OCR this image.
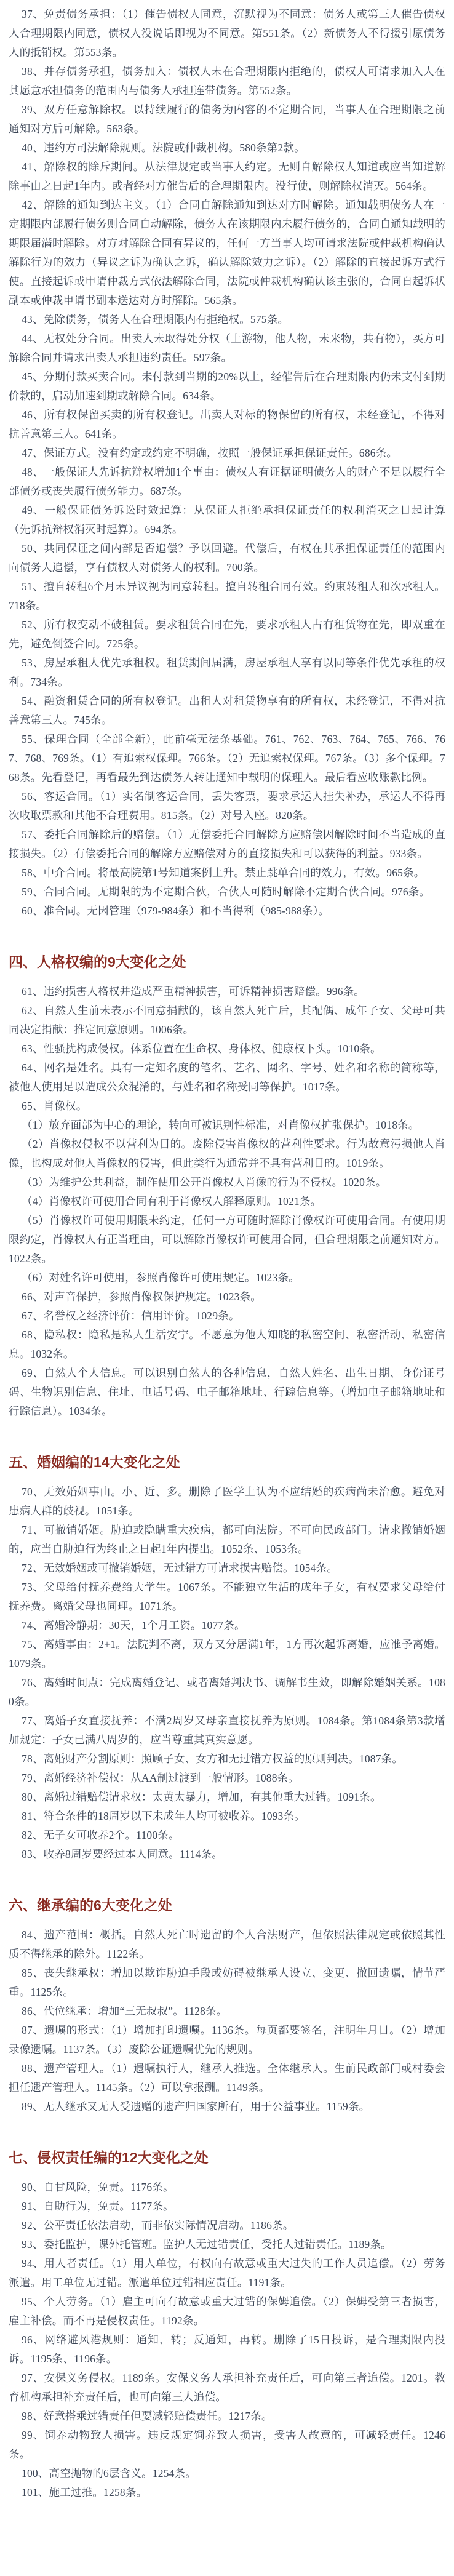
37、免责债务承担：（1）催告债权人同意，沉默视为不同意：债务人或第三人催告债权人合理期限内同意，债权人没说话即视为不同意。第551条。（2）新债务人不得援引原债务人的抵销权。第553条。

38、并存债务承担，债务加入：债权人未在合理期限内拒绝的，债权人可请求加入人在其愿意承担债务的范围内与债务人承担连带债务。第552条。

39、双方任意解除权。以持续履行的债务为内容的不定期合同，当事人在合理期限之前通知对方后可解除。563条。

40、违约方司法解除规则。法院或仲裁机构。580条第2款。

41、解除权的除斥期间。从法律规定或当事人约定。无则自解除权人知道或应当知道解除事由之日起1年内。或者经对方催告后的合理期限内。没行使，则解除权消灭。564条。

42、解除的通知到达主义。（1）合同自解除通知到达对方时解除。通知载明债务人在一定期限内部履行债务则合同自动解除，债务人在该期限内未履行债务的，合同自通知载明的期限届满时解除。对方对解除合同有异议的，任何一方当事人均可请求法院或仲裁机构确认解除行为的效力（异议之诉为确认之诉，确认解除效力之诉）。（2）解除的直接起诉方式行使。直接起诉或申请仲裁方式依法解除合同，法院或仲裁机构确认该主张的，合同自起诉状副本或仲裁申请书副本送达对方时解除。565条。

43、免除债务，债务人在合理期限内有拒绝权。575条。

44、无权处分合同。出卖人未取得处分权（上游物，他人物，未来物，共有物），买方可解除合同并请求出卖人承担违约责任。597条。

45、分期付款买卖合同。未付款到当期的20%以上，经催告后在合理期限内仍未支付到期价款的，启动加速到期或解除合同。634条。

46、所有权保留买卖的所有权登记。出卖人对标的物保留的所有权，未经登记，不得对抗善意第三人。641条。

47、保证方式。没有约定或约定不明确，按照一般保证承担保证责任。686条。

48、一般保证人先诉抗辩权增加1个事由：债权人有证据证明债务人的财产不足以履行全部债务或丧失履行债务能力。687条。

49、一般保证债务诉讼时效起算：从保证人拒绝承担保证责任的权利消灭之日起计算（先诉抗辩权消灭时起算）。694条。

50、共同保证之间内部是否追偿？予以回避。代偿后，有权在其承担保证责任的范围内向债务人追偿，享有债权人对债务人的权利。700条。

51、擅自转租6个月未异议视为同意转租。擅自转租合同有效。约束转租人和次承租人。718条。

52、所有权变动不破租赁。要求租赁合同在先，要求承租人占有租赁物在先，即双重在先，避免倒签合同。725条。

53、房屋承租人优先承租权。租赁期间届满，房屋承租人享有以同等条件优先承租的权利。734条。

54、融资租赁合同的所有权登记。出租人对租赁物享有的所有权，未经登记，不得对抗善意第三人。745条。

55、保理合同（全部全新），此前毫无法条基础。761、762、763、764、765、766、767、768、769条。（1）有追索权保理。766条。（2）无追索权保理。767条。（3）多个保理。768条。先看登记，再看最先到达债务人转让通知中载明的保理人。最后看应收账款比例。

56、客运合同。（1）实名制客运合同，丢失客票，要求承运人挂失补办，承运人不得再次收取票款和其他不合理费用。815条。（2）对号入座。820条。

57、委托合同解除后的赔偿。（1）无偿委托合同解除方应赔偿因解除时间不当造成的直接损失。（2）有偿委托合同的解除方应赔偿对方的直接损失和可以获得的利益。933条。

58、中介合同。将最高院第1号知道案例上升。禁止跳单合同的效力，有效。965条。

59、合同合同。无期限的为不定期合伙，合伙人可随时解除不定期合伙合同。976条。

60、准合同。无因管理（979-984条）和不当得利（985-988条）。

四、人格权编的9大变化之处

61、违约损害人格权并造成严重精神损害，可诉精神损害赔偿。996条。

62、自然人生前未表示不同意捐献的，该自然人死亡后，其配偶、成年子女、父母可共同决定捐献：推定同意原则。1006条。

63、性骚扰构成侵权。体系位置在生命权、身体权、健康权下头。1010条。

64、网名是姓名。具有一定知名度的笔名、艺名、网名、字号、姓名和名称的简称等，被他人使用足以造成公众混淆的，与姓名和名称受同等保护。1017条。

65、肖像权。

（1）放弃面部为中心的理论，转向可被识别性标准，对肖像权扩张保护。1018条。

（2）肖像权侵权不以营利为目的。废除侵害肖像权的营利性要求。行为故意污损他人肖像，也构成对他人肖像权的侵害，但此类行为通常并不具有营利目的。1019条。

（3）为维护公共利益，制作使用公开肖像权人肖像的行为不侵权。1020条。

（4）肖像权许可使用合同有利于肖像权人解释原则。1021条。

（5）肖像权许可使用期限未约定，任何一方可随时解除肖像权许可使用合同。有使用期限约定，肖像权人有正当理由，可以解除肖像权许可使用合同，但合理期限之前通知对方。1022条。

（6）对姓名许可使用，参照肖像许可使用规定。1023条。

66、对声音保护，参照肖像权保护规定。1023条。

67、名誉权之经济评价：信用评价。1029条。

68、隐私权：隐私是私人生活安宁。不愿意为他人知晓的私密空间、私密活动、私密信息。1032条。

69、自然人个人信息。可以识别自然人的各种信息，自然人姓名、出生日期、身份证号码、生物识别信息、住址、电话号码、电子邮箱地址、行踪信息等。（增加电子邮箱地址和行踪信息）。1034条。

五、婚姻编的14大变化之处

70、无效婚姻事由。小、近、多。删除了医学上认为不应结婚的疾病尚未治愈。避免对患病人群的歧视。1051条。

71、可撤销婚姻。胁迫或隐瞒重大疾病，都可向法院。不可向民政部门。请求撤销婚姻的，应当自胁迫行为终止之日起1年内提出。1052条、1053条。

72、无效婚姻或可撤销婚姻，无过错方可请求损害赔偿。1054条。

73、父母给付抚养费给大学生。1067条。不能独立生活的成年子女，有权要求父母给付抚养费。离婚父母也同理。1071条。

74、离婚冷静期：30天，1个月工资。1077条。

75、离婚事由：2+1。法院判不离，双方又分居满1年，1方再次起诉离婚，应准予离婚。1079条。

76、离婚时间点：完成离婚登记、或者离婚判决书、调解书生效，即解除婚姻关系。1080条。

77、离婚子女直接抚养：不满2周岁又母亲直接抚养为原则。1084条。第1084条第3款增加规定：子女已满八周岁的，应当尊重其真实意愿。

78、离婚财产分割原则：照顾子女、女方和无过错方权益的原则判决。1087条。

79、离婚经济补偿权：从AA制过渡到一般情形。1088条。

80、离婚过错赔偿请求权：太黄太暴力，增加，有其他重大过错。1091条。

81、符合条件的18周岁以下未成年人均可被收养。1093条。

82、无子女可收养2个。1100条。

83、收养8周岁要经过本人同意。1114条。

六、继承编的6大变化之处

84、遗产范围：概括。自然人死亡时遗留的个人合法财产，但依照法律规定或依照其性质不得继承的除外。1122条。

85、丧失继承权：增加以欺诈胁迫手段或妨碍被继承人设立、变更、撤回遗嘱，情节严重。1125条。

86、代位继承：增加“三无叔叔”。1128条。

87、遗嘱的形式：（1）增加打印遗嘱。1136条。每页都要签名，注明年月日。（2）增加录像遗嘱。1137条。（3）废除公证遗嘱优先的规则。

88、遗产管理人。（1）遗嘱执行人，继承人推选。全体继承人。生前民政部门或村委会担任遗产管理人。1145条。（2）可以拿报酬。1149条。

89、无人继承又无人受遗赠的遗产归国家所有，用于公益事业。1159条。

七、侵权责任编的12大变化之处

90、自甘风险，免责。1176条。

91、自助行为，免责。1177条。

92、公平责任依法启动，而非依实际情况启动。1186条。

93、委托监护，课外托管班。监护人无过错责任，受托人过错责任。1189条。

94、用人者责任。（1）用人单位，有权向有故意或重大过失的工作人员追偿。（2）劳务派遣。用工单位无过错。派遣单位过错相应责任。1191条。

95、个人劳务。（1）雇主可向有故意或重大过错的保姆追偿。（2）保姆受第三者损害，雇主补偿。而不再是侵权责任。1192条。

96、网络避风港规则：通知、转；反通知，再转。删除了15日投诉，是合理期限内投诉。1195条、1196条。

97、安保义务侵权。1189条。安保义务人承担补充责任后，可向第三者追偿。1201。教育机构承担补充责任后，也可向第三人追偿。

98、好意搭乘过错责任但要减轻赔偿责任。1217条。

99、饲养动物致人损害。违反规定饲养致人损害，受害人故意的，可减轻责任。1246条。

100、高空抛物的6层含义。1254条。

101、施工过推。1258条。
